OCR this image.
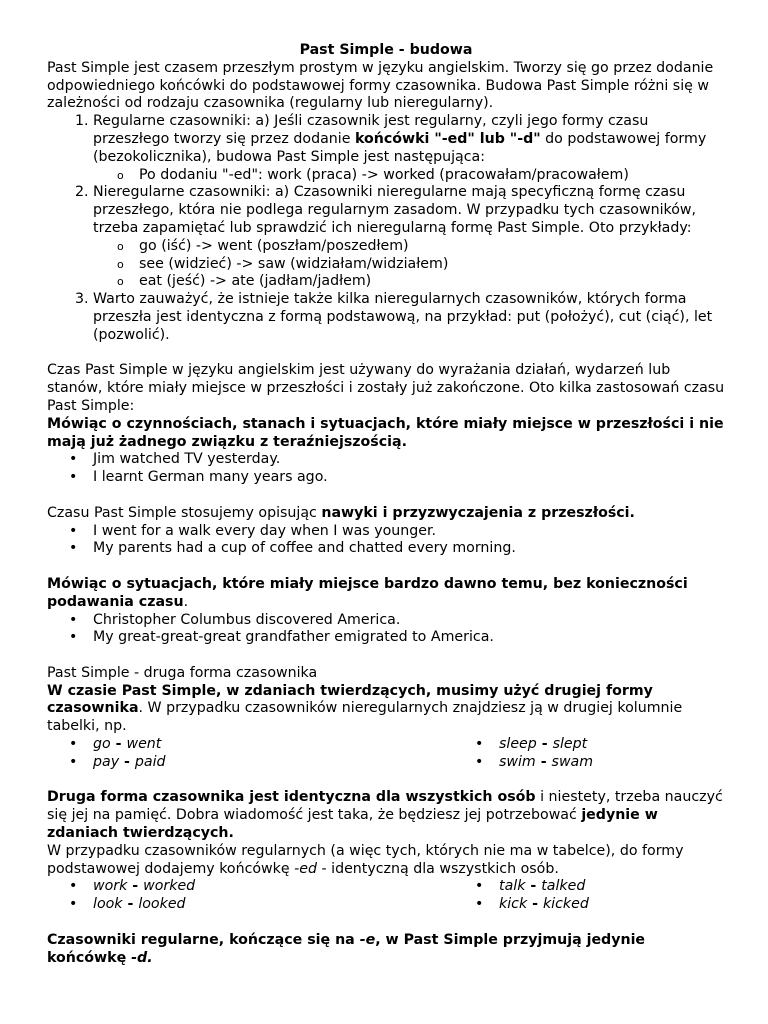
Past Simple - budowa

Past Simple jest czasem przeszłym prostym w języku angielskim. Tworzy się go przez dodanie odpowiedniego końcówki do podstawowej formy czasownika. Budowa Past Simple różni się w zależności od rodzaju czasownika (regularny lub nieregularny).

1. Regularne czasowniki: a) Jeśli czasownik jest regularny, czyli jego formy czasu przeszłego tworzy się przez dodanie końcówki "-ed" lub "-d" do podstawowej formy (bezokolicznika), budowa Past Simple jest następująca:
o Po dodaniu "-ed": work (praca) -> worked (pracowałam/pracowałem)
2. Nieregularne czasowniki: a) Czasowniki nieregularne mają specyficzną formę czasu przeszłego, która nie podlega regularnym zasadom. W przypadku tych czasowników, trzeba zapamiętać lub sprawdzić ich nieregularną formę Past Simple. Oto przykłady:
o go (iść) -> went (poszłam/poszedłem)
o see (widzieć) -> saw (widziałam/widziałem)
o eat (jeść) -> ate (jadłam/jadłem)
3. Warto zauważyć, że istnieje także kilka nieregularnych czasowników, których forma przeszła jest identyczna z formą podstawową, na przykład: put (położyć), cut (ciąć), let (pozwolić).

Czas Past Simple w języku angielskim jest używany do wyrażania działań, wydarzeń lub stanów, które miały miejsce w przeszłości i zostały już zakończone. Oto kilka zastosowań czasu Past Simple:

Mówiąc o czynnościach, stanach i sytuacjach, które miały miejsce w przeszłości i nie mają już żadnego związku z teraźniejszością.

• Jim watched TV yesterday.
• I learnt German many years ago.

Czasu Past Simple stosujemy opisując nawyki i przyzwyczajenia z przeszłości.

• I went for a walk every day when I was younger.
• My parents had a cup of coffee and chatted every morning.

Mówiąc o sytuacjach, które miały miejsce bardzo dawno temu, bez konieczności podawania czasu.

• Christopher Columbus discovered America.
• My great-great-great grandfather emigrated to America.

Past Simple - druga forma czasownika

W czasie Past Simple, w zdaniach twierdzących, musimy użyć drugiej formy czasownika. W przypadku czasowników nieregularnych znajdziesz ją w drugiej kolumnie tabelki, np.

• go - went
• pay - paid
• sleep - slept
• swim - swam

Druga forma czasownika jest identyczna dla wszystkich osób i niestety, trzeba nauczyć się jej na pamięć. Dobra wiadomość jest taka, że będziesz jej potrzebować jedynie w zdaniach twierdzących.

W przypadku czasowników regularnych (a więc tych, których nie ma w tabelce), do formy podstawowej dodajemy końcówkę -ed - identyczną dla wszystkich osób.

• work - worked
• look - looked
• talk - talked
• kick - kicked

Czasowniki regularne, kończące się na -e, w Past Simple przyjmują jedynie końcówkę -d.
